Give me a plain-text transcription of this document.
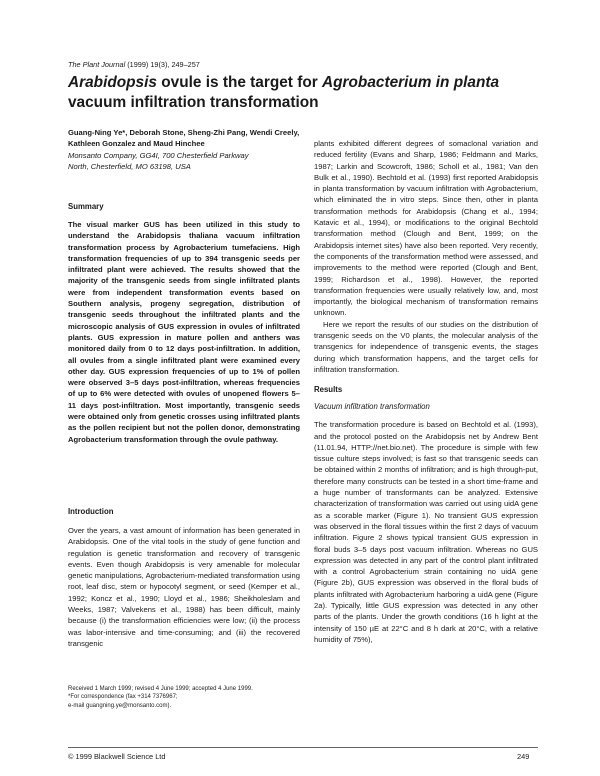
The Plant Journal (1999) 19(3), 249–257
Arabidopsis ovule is the target for Agrobacterium in planta vacuum infiltration transformation
Guang-Ning Ye*, Deborah Stone, Sheng-Zhi Pang, Wendi Creely, Kathleen Gonzalez and Maud Hinchee
Monsanto Company, GG4I, 700 Chesterfield Parkway
North, Chesterfield, MO 63198, USA
Summary
The visual marker GUS has been utilized in this study to understand the Arabidopsis thaliana vacuum infiltration transformation process by Agrobacterium tumefaciens. High transformation frequencies of up to 394 transgenic seeds per infiltrated plant were achieved. The results showed that the majority of the transgenic seeds from single infiltrated plants were from independent transformation events based on Southern analysis, progeny segregation, distribution of transgenic seeds throughout the infiltrated plants and the microscopic analysis of GUS expression in ovules of infiltrated plants. GUS expression in mature pollen and anthers was monitored daily from 0 to 12 days post-infiltration. In addition, all ovules from a single infiltrated plant were examined every other day. GUS expression frequencies of up to 1% of pollen were observed 3–5 days post-infiltration, whereas frequencies of up to 6% were detected with ovules of unopened flowers 5–11 days post-infiltration. Most importantly, transgenic seeds were obtained only from genetic crosses using infiltrated plants as the pollen recipient but not the pollen donor, demonstrating Agrobacterium transformation through the ovule pathway.
Introduction
Over the years, a vast amount of information has been generated in Arabidopsis. One of the vital tools in the study of gene function and regulation is genetic transformation and recovery of transgenic events. Even though Arabidopsis is very amenable for molecular genetic manipulations, Agrobacterium-mediated transformation using root, leaf disc, stem or hypocotyl segment, or seed (Kemper et al., 1992; Koncz et al., 1990; Lloyd et al., 1986; Sheikholeslam and Weeks, 1987; Valvekens et al., 1988) has been difficult, mainly because (i) the transformation efficiencies were low; (ii) the process was labor-intensive and time-consuming; and (iii) the recovered transgenic
Received 1 March 1999; revised 4 June 1999; accepted 4 June 1999.
*For correspondence (fax +314 7376967;
e-mail guangning.ye@monsanto.com).

plants exhibited different degrees of somaclonal variation and reduced fertility (Evans and Sharp, 1986; Feldmann and Marks, 1987; Larkin and Scowcroft, 1986; Scholl et al., 1981; Van den Bulk et al., 1990). Bechtold et al. (1993) first reported Arabidopsis in planta transformation by vacuum infiltration with Agrobacterium, which eliminated the in vitro steps. Since then, other in planta transformation methods for Arabidopsis (Chang et al., 1994; Katavic et al., 1994), or modifications to the original Bechtold transformation method (Clough and Bent, 1999; on the Arabidopsis internet sites) have also been reported. Very recently, the components of the transformation method were assessed, and improvements to the method were reported (Clough and Bent, 1999; Richardson et al., 1998). However, the reported transformation frequencies were usually relatively low, and, most importantly, the biological mechanism of transformation remains unknown.

Here we report the results of our studies on the distribution of transgenic seeds on the V0 plants, the molecular analysis of the transgenics for independence of transgenic events, the stages during which transformation happens, and the target cells for infiltration transformation.

Results
Vacuum infiltration transformation
The transformation procedure is based on Bechtold et al. (1993), and the protocol posted on the Arabidopsis net by Andrew Bent (11.01.94, HTTP://net.bio.net). The procedure is simple with few tissue culture steps involved; is fast so that transgenic seeds can be obtained within 2 months of infiltration; and is high through-put, therefore many constructs can be tested in a short time-frame and a huge number of transformants can be analyzed. Extensive characterization of transformation was carried out using uidA gene as a scorable marker (Figure 1). No transient GUS expression was observed in the floral tissues within the first 2 days of vacuum infiltration. Figure 2 shows typical transient GUS expression in floral buds 3–5 days post vacuum infiltration. Whereas no GUS expression was detected in any part of the control plant infiltrated with a control Agrobacterium strain containing no uidA gene (Figure 2b), GUS expression was observed in the floral buds of plants infiltrated with Agrobacterium harboring a uidA gene (Figure 2a). Typically, little GUS expression was detected in any other parts of the plants. Under the growth conditions (16 h light at the intensity of 150 µE at 22°C and 8 h dark at 20°C, with a relative humidity of 75%),
© 1999 Blackwell Science Ltd	249
